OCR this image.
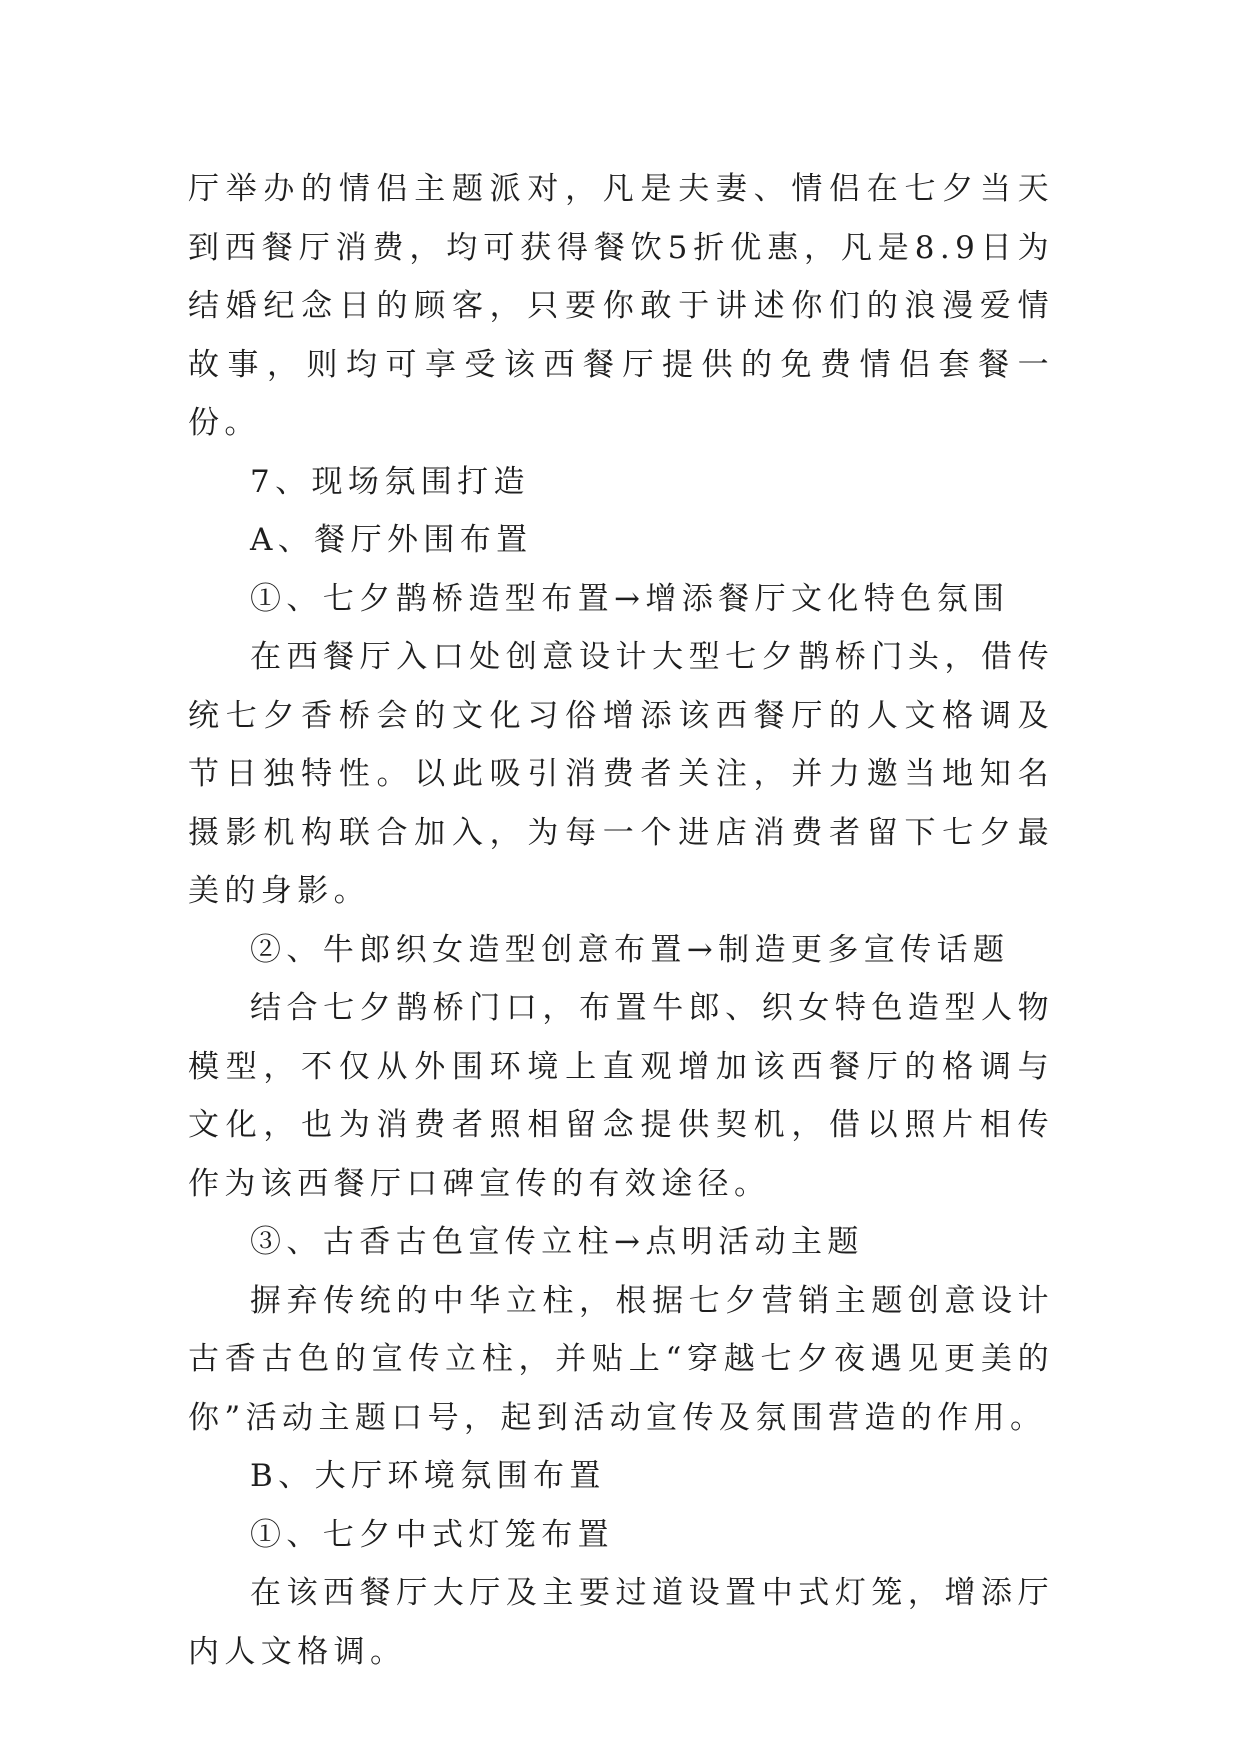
厅举办的情侣主题派对，凡是夫妻、情侣在七夕当天到西餐厅消费，均可获得餐饮5折优惠，凡是8.9日为结婚纪念日的顾客，只要你敢于讲述你们的浪漫爱情故事，则均可享受该西餐厅提供的免费情侣套餐一份。

7、现场氛围打造

A、餐厅外围布置

①、七夕鹊桥造型布置→增添餐厅文化特色氛围

在西餐厅入口处创意设计大型七夕鹊桥门头，借传统七夕香桥会的文化习俗增添该西餐厅的人文格调及节日独特性。以此吸引消费者关注，并力邀当地知名摄影机构联合加入，为每一个进店消费者留下七夕最美的身影。

②、牛郎织女造型创意布置→制造更多宣传话题

结合七夕鹊桥门口，布置牛郎、织女特色造型人物模型，不仅从外围环境上直观增加该西餐厅的格调与文化，也为消费者照相留念提供契机，借以照片相传作为该西餐厅口碑宣传的有效途径。

③、古香古色宣传立柱→点明活动主题

摒弃传统的中华立柱，根据七夕营销主题创意设计古香古色的宣传立柱，并贴上“穿越七夕夜遇见更美的你”活动主题口号，起到活动宣传及氛围营造的作用。

B、大厅环境氛围布置

①、七夕中式灯笼布置

在该西餐厅大厅及主要过道设置中式灯笼，增添厅内人文格调。
